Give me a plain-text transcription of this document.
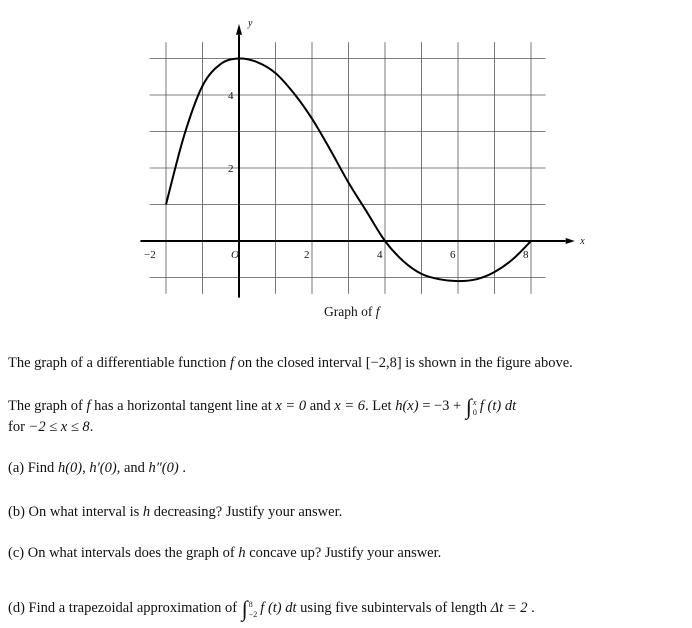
x
y
−2	O	2	4	6	8
2
4
Graph of f
The graph of a differentiable function f on the closed interval [−2,8] is shown in the figure above.
The graph of f has a horizontal tangent line at x = 0 and x = 6. Let h(x) = −3 + ∫ x
0 f (t) dt
for −2 ≤ x ≤ 8.
(a) Find h(0), h′(0), and h″(0) .
(b) On what interval is h decreasing? Justify your answer.
(c) On what intervals does the graph of h concave up? Justify your answer.
(d) Find a trapezoidal approximation of ∫ 8
−2 f (t) dt using five subintervals of length Δt = 2 .
